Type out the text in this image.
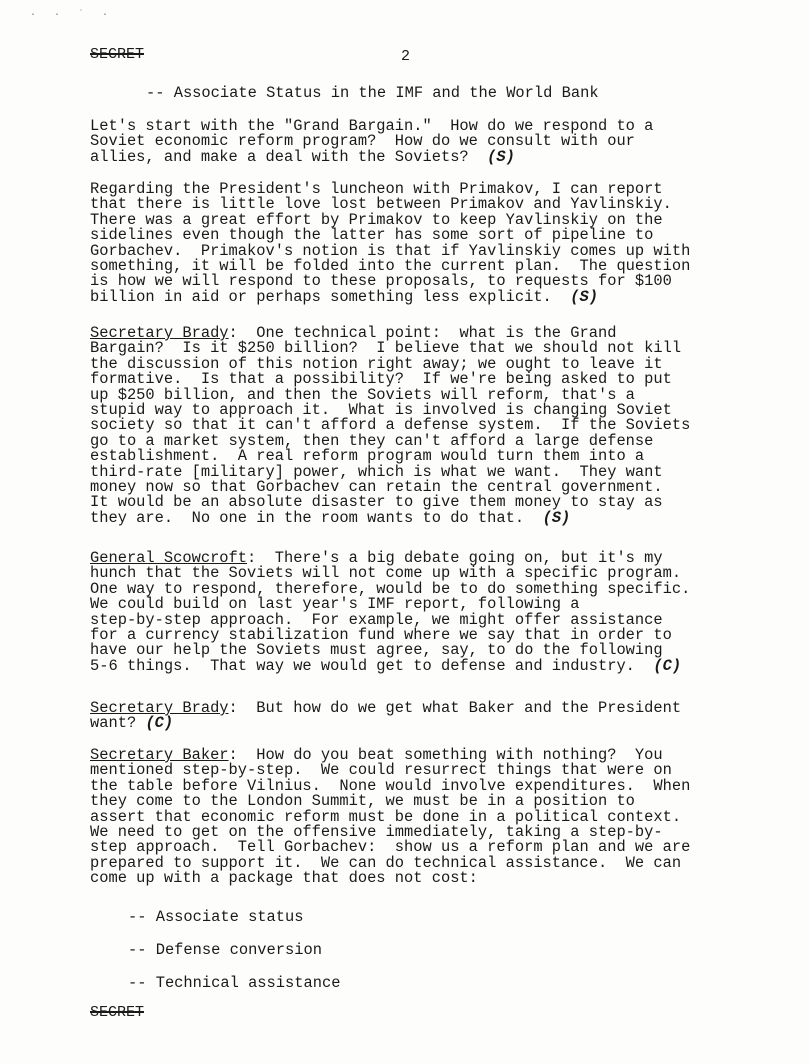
· · ˙ ·
SECRET	2
-- Associate Status in the IMF and the World Bank
Let's start with the "Grand Bargain."  How do we respond to a
Soviet economic reform program?  How do we consult with our
allies, and make a deal with the Soviets? (S)
Regarding the President's luncheon with Primakov, I can report
that there is little love lost between Primakov and Yavlinskiy.
There was a great effort by Primakov to keep Yavlinskiy on the
sidelines even though the latter has some sort of pipeline to
Gorbachev.  Primakov's notion is that if Yavlinskiy comes up with
something, it will be folded into the current plan.  The question
is how we will respond to these proposals, to requests for $100
billion in aid or perhaps something less explicit. (S)
Secretary Brady:  One technical point:  what is the Grand
Bargain?  Is it $250 billion?  I believe that we should not kill
the discussion of this notion right away; we ought to leave it
formative.  Is that a possibility?  If we're being asked to put
up $250 billion, and then the Soviets will reform, that's a
stupid way to approach it.  What is involved is changing Soviet
society so that it can't afford a defense system.  If the Soviets
go to a market system, then they can't afford a large defense
establishment.  A real reform program would turn them into a
third-rate [military] power, which is what we want.  They want
money now so that Gorbachev can retain the central government.
It would be an absolute disaster to give them money to stay as
they are.  No one in the room wants to do that. (S)
General Scowcroft:  There's a big debate going on, but it's my
hunch that the Soviets will not come up with a specific program.
One way to respond, therefore, would be to do something specific.
We could build on last year's IMF report, following a
step-by-step approach.  For example, we might offer assistance
for a currency stabilization fund where we say that in order to
have our help the Soviets must agree, say, to do the following
5-6 things.  That way we would get to defense and industry. (C)
Secretary Brady:  But how do we get what Baker and the President
want? (C)
Secretary Baker:  How do you beat something with nothing?  You
mentioned step-by-step.  We could resurrect things that were on
the table before Vilnius.  None would involve expenditures.  When
they come to the London Summit, we must be in a position to
assert that economic reform must be done in a political context.
We need to get on the offensive immediately, taking a step-by-
step approach.  Tell Gorbachev:  show us a reform plan and we are
prepared to support it.  We can do technical assistance.  We can
come up with a package that does not cost:
-- Associate status
-- Defense conversion
-- Technical assistance
SECRET
